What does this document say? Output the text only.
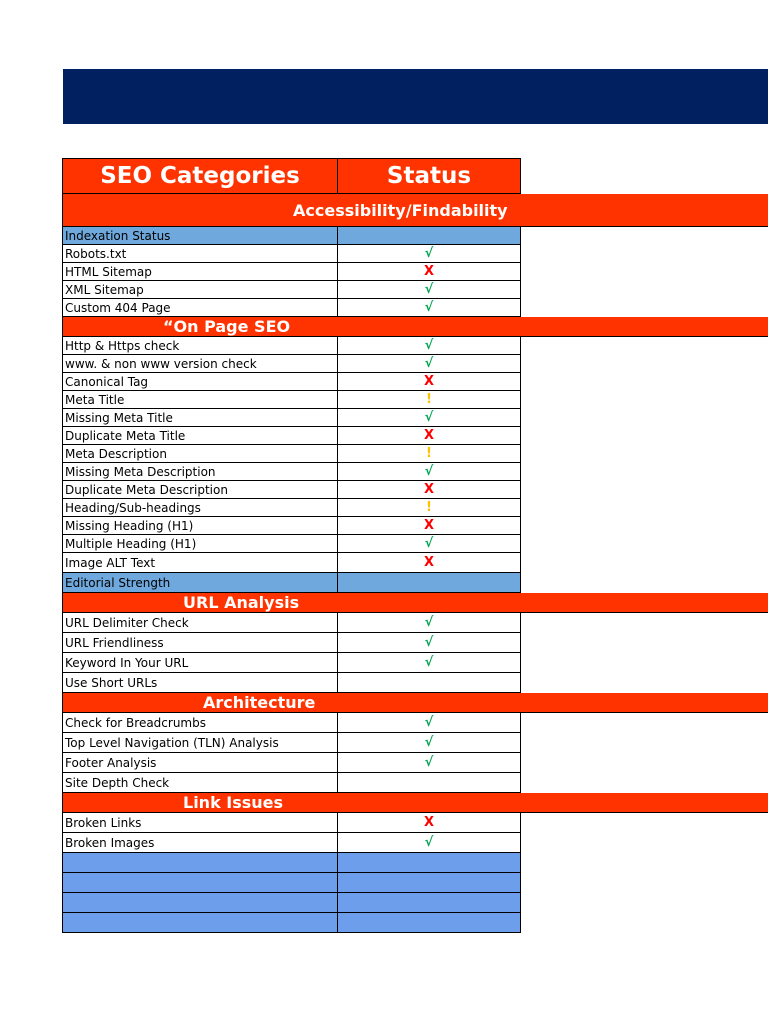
SEO Categories	Status
Accessibility/Findability
Indexation Status
Robots.txt	√
HTML Sitemap	X
XML Sitemap	√
Custom 404 Page	√
“On Page SEO
Http & Https check	√
www. & non www version check	√
Canonical Tag	X
Meta Title	!
Missing Meta Title	√
Duplicate Meta Title	X
Meta Description	!
Missing Meta Description	√
Duplicate Meta Description	X
Heading/Sub-headings	!
Missing Heading (H1)	X
Multiple Heading (H1)	√
Image ALT Text	X
Editorial Strength
URL Analysis
URL Delimiter Check	√
URL Friendliness	√
Keyword In Your URL	√
Use Short URLs
Architecture
Check for Breadcrumbs	√
Top Level Navigation (TLN) Analysis	√
Footer Analysis	√
Site Depth Check
Link Issues
Broken Links	X
Broken Images	√
